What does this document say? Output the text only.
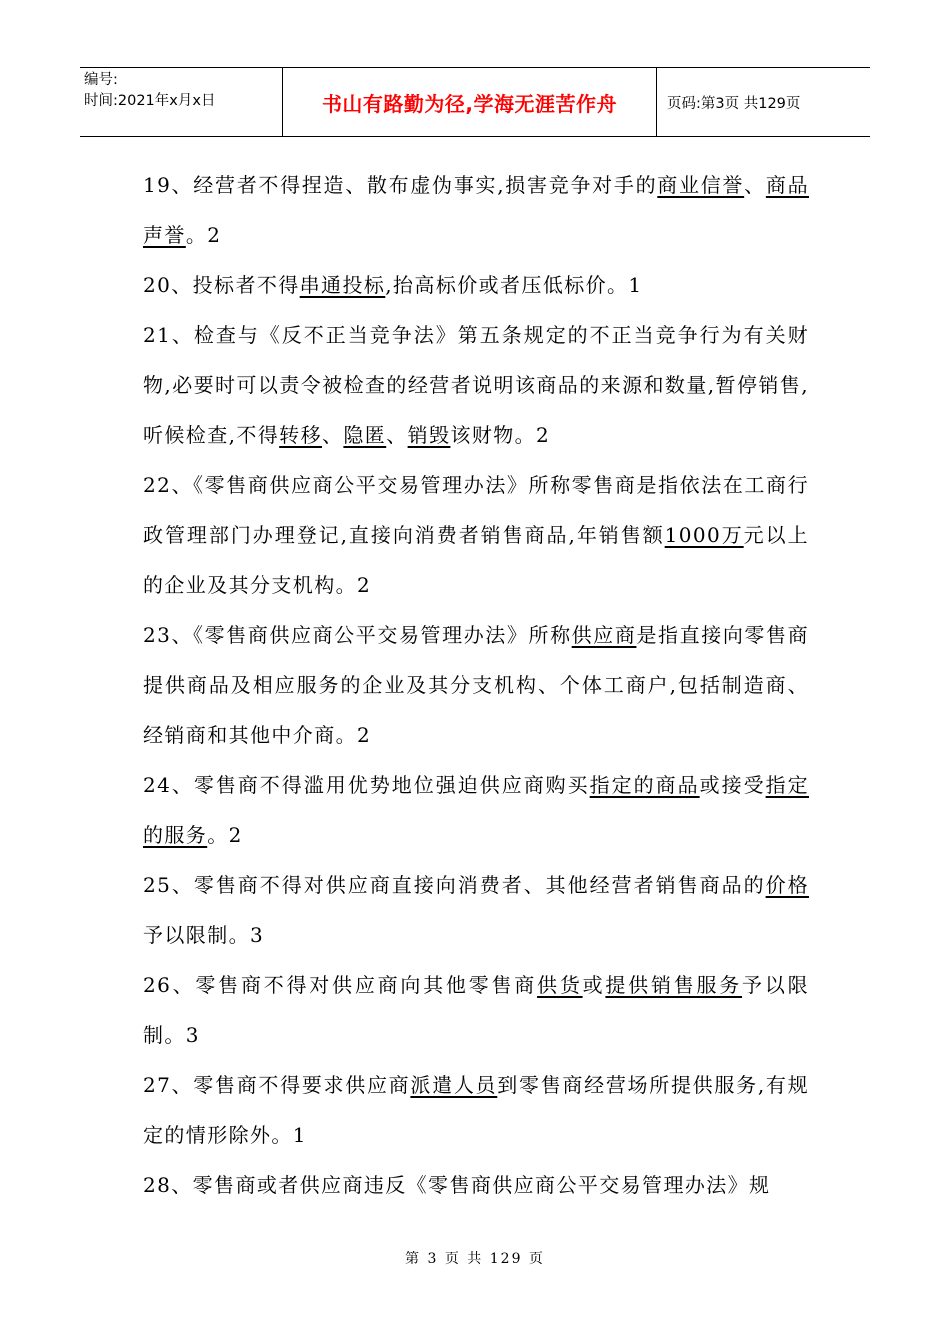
编号:
时间:2021年x月x日	书山有路勤为径,学海无涯苦作舟	页码:第3页 共129页

19、经营者不得捏造、散布虚伪事实,损害竞争对手的商业信誉、商品声誉。2

20、投标者不得串通投标,抬高标价或者压低标价。1

21、检查与《反不正当竞争法》第五条规定的不正当竞争行为有关财物,必要时可以责令被检查的经营者说明该商品的来源和数量,暂停销售,听候检查,不得转移、隐匿、销毁该财物。2

22、《零售商供应商公平交易管理办法》所称零售商是指依法在工商行政管理部门办理登记,直接向消费者销售商品,年销售额1000万元以上的企业及其分支机构。2

23、《零售商供应商公平交易管理办法》所称供应商是指直接向零售商提供商品及相应服务的企业及其分支机构、个体工商户,包括制造商、经销商和其他中介商。2

24、零售商不得滥用优势地位强迫供应商购买指定的商品或接受指定的服务。2

25、零售商不得对供应商直接向消费者、其他经营者销售商品的价格予以限制。3

26、零售商不得对供应商向其他零售商供货或提供销售服务予以限制。3

27、零售商不得要求供应商派遣人员到零售商经营场所提供服务,有规定的情形除外。1

28、零售商或者供应商违反《零售商供应商公平交易管理办法》规

第 3 页 共 129 页
